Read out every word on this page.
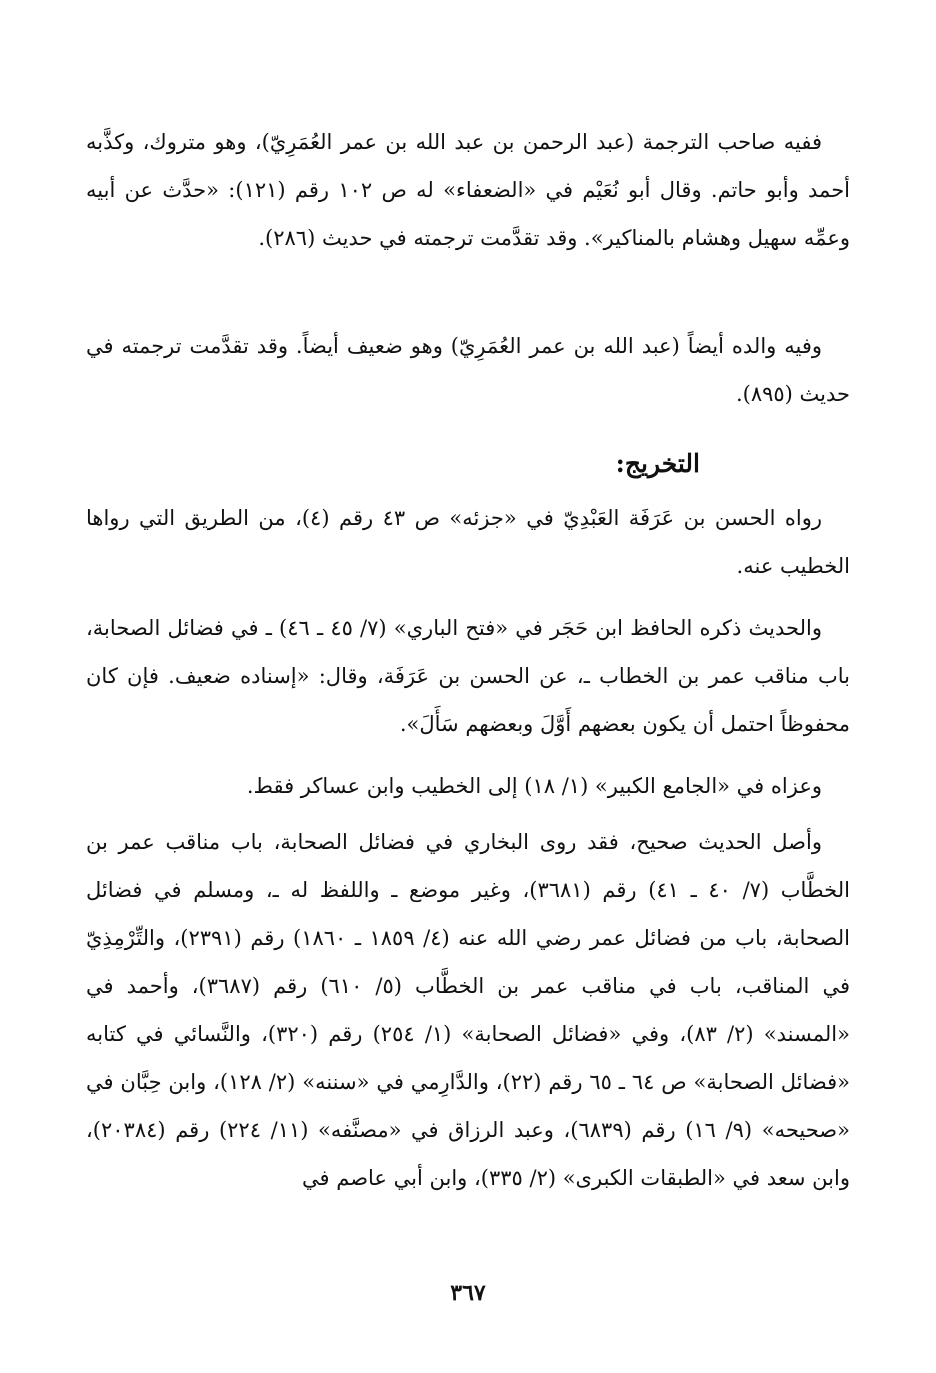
ففيه صاحب الترجمة (عبد الرحمن بن عبد الله بن عمر العُمَرِيّ)، وهو متروك، وكذَّبه أحمد وأبو حاتم. وقال أبو نُعَيْم في «الضعفاء» له ص ١٠٢ رقم (١٢١): «حدَّث عن أبيه وعمِّه سهيل وهشام بالمناكير». وقد تقدَّمت ترجمته في حديث (٢٨٦).
وفيه والده أيضاً (عبد الله بن عمر العُمَرِيّ) وهو ضعيف أيضاً. وقد تقدَّمت ترجمته في حديث (٨٩٥).
التخريج:
رواه الحسن بن عَرَفَة العَبْدِيّ في «جزئه» ص ٤٣ رقم (٤)، من الطريق التي رواها الخطيب عنه.
والحديث ذكره الحافظ ابن حَجَر في «فتح الباري» (٧/ ٤٥ ـ ٤٦) ـ في فضائل الصحابة، باب مناقب عمر بن الخطاب ـ، عن الحسن بن عَرَفَة، وقال: «إسناده ضعيف. فإن كان محفوظاً احتمل أن يكون بعضهم أَوَّلَ وبعضهم سَأَلَ».
وعزاه في «الجامع الكبير» (١/ ١٨) إلى الخطيب وابن عساكر فقط.
وأصل الحديث صحيح، فقد روى البخاري في فضائل الصحابة، باب مناقب عمر بن الخطَّاب (٧/ ٤٠ ـ ٤١) رقم (٣٦٨١)، وغير موضع ـ واللفظ له ـ، ومسلم في فضائل الصحابة، باب من فضائل عمر رضي الله عنه (٤/ ١٨٥٩ ـ ١٨٦٠) رقم (٢٣٩١)، والتِّرْمِذِيّ في المناقب، باب في مناقب عمر بن الخطَّاب (٥/ ٦١٠) رقم (٣٦٨٧)، وأحمد في «المسند» (٢/ ٨٣)، وفي «فضائل الصحابة» (١/ ٢٥٤) رقم (٣٢٠)، والنَّسائي في كتابه «فضائل الصحابة» ص ٦٤ ـ ٦٥ رقم (٢٢)، والدَّارِمي في «سننه» (٢/ ١٢٨)، وابن حِبَّان في «صحيحه» (٩/ ١٦) رقم (٦٨٣٩)، وعبد الرزاق في «مصنَّفه» (١١/ ٢٢٤) رقم (٢٠٣٨٤)، وابن سعد في «الطبقات الكبرى» (٢/ ٣٣٥)، وابن أبي عاصم في
٣٦٧
